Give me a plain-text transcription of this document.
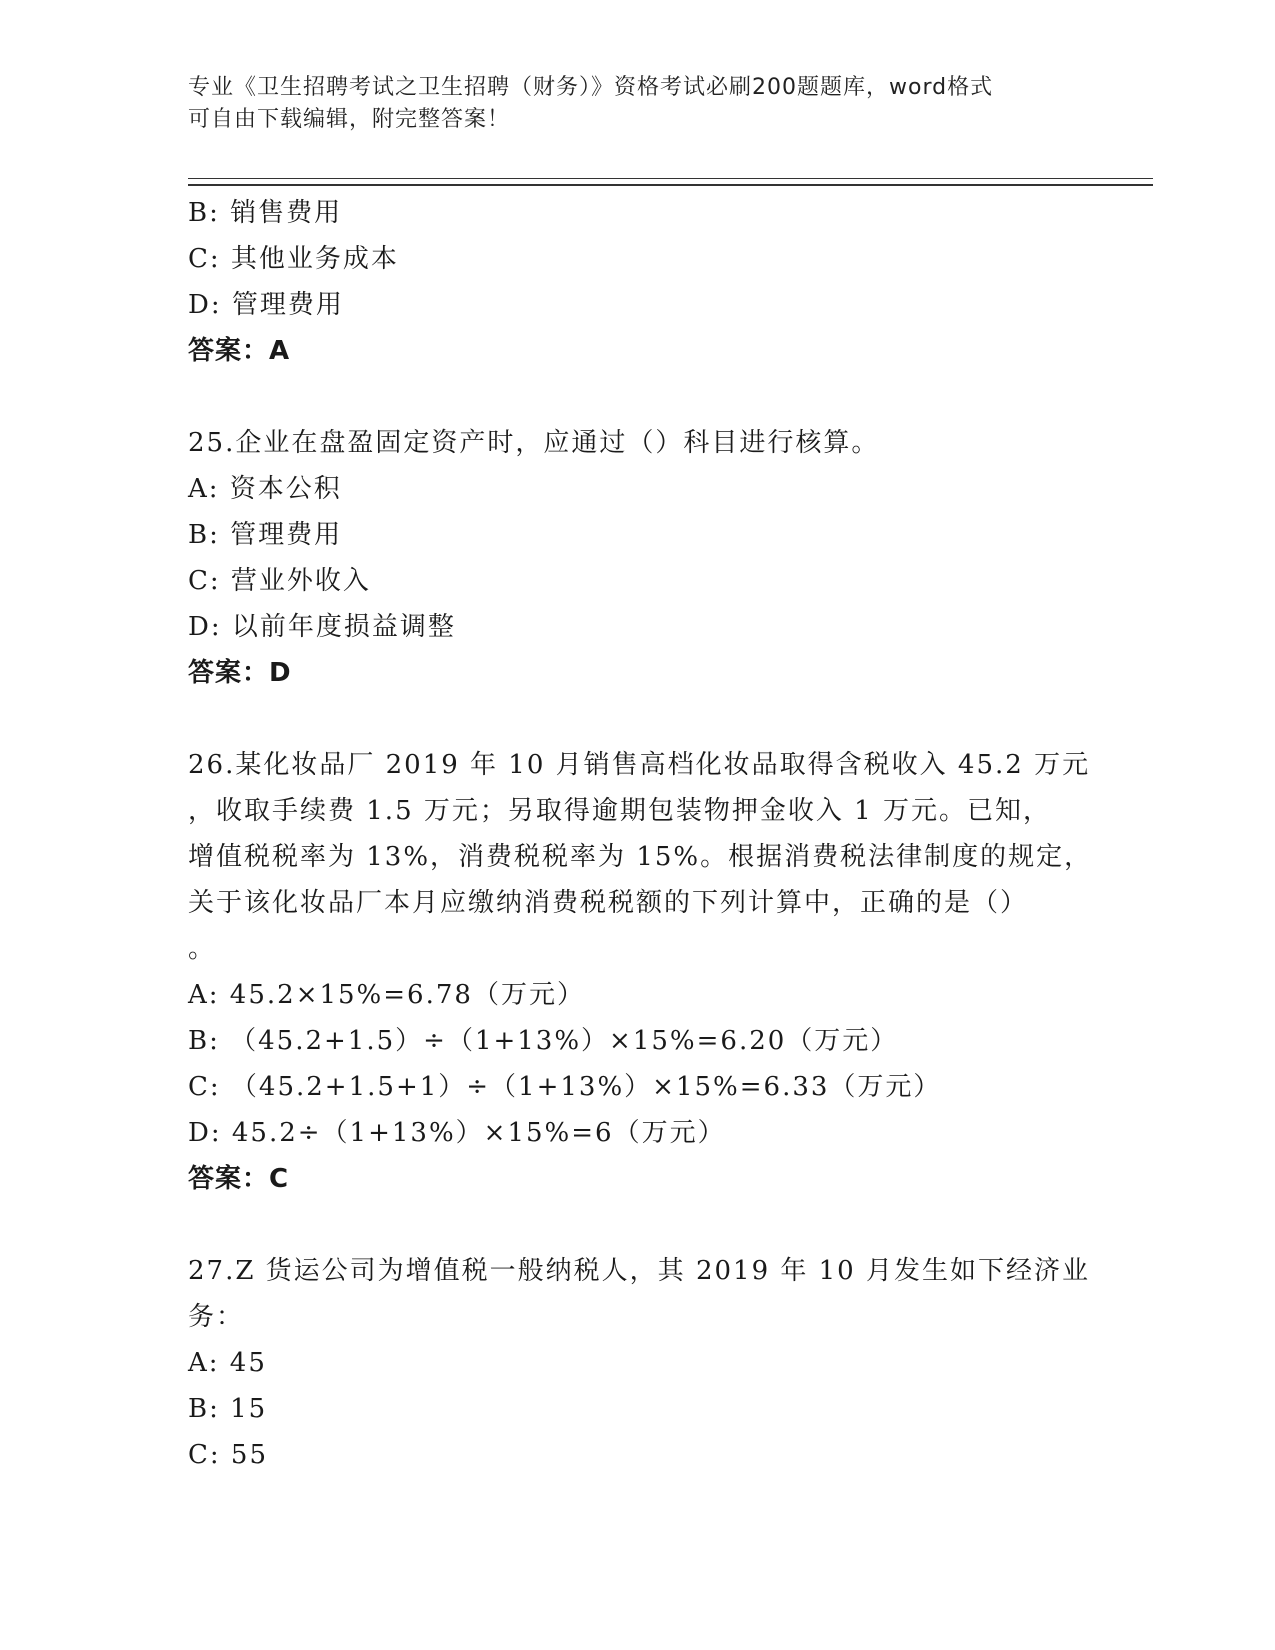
专业《卫生招聘考试之卫生招聘（财务）》资格考试必刷200题题库，word格式
可自由下载编辑，附完整答案！
B: 销售费用
C: 其他业务成本
D: 管理费用
答案：A
25.企业在盘盈固定资产时，应通过（）科目进行核算。
A: 资本公积
B: 管理费用
C: 营业外收入
D: 以前年度损益调整
答案：D
26.某化妆品厂 2019 年 10 月销售高档化妆品取得含税收入 45.2 万元
，收取手续费 1.5 万元；另取得逾期包装物押金收入 1 万元。已知，
增值税税率为 13%，消费税税率为 15%。根据消费税法律制度的规定，
关于该化妆品厂本月应缴纳消费税税额的下列计算中，正确的是（）
。
A: 45.2×15%=6.78（万元）
B: （45.2+1.5）÷（1+13%）×15%=6.20（万元）
C: （45.2+1.5+1）÷（1+13%）×15%=6.33（万元）
D: 45.2÷（1+13%）×15%=6（万元）
答案：C
27.Z 货运公司为增值税一般纳税人，其 2019 年 10 月发生如下经济业
务：
A: 45
B: 15
C: 55
